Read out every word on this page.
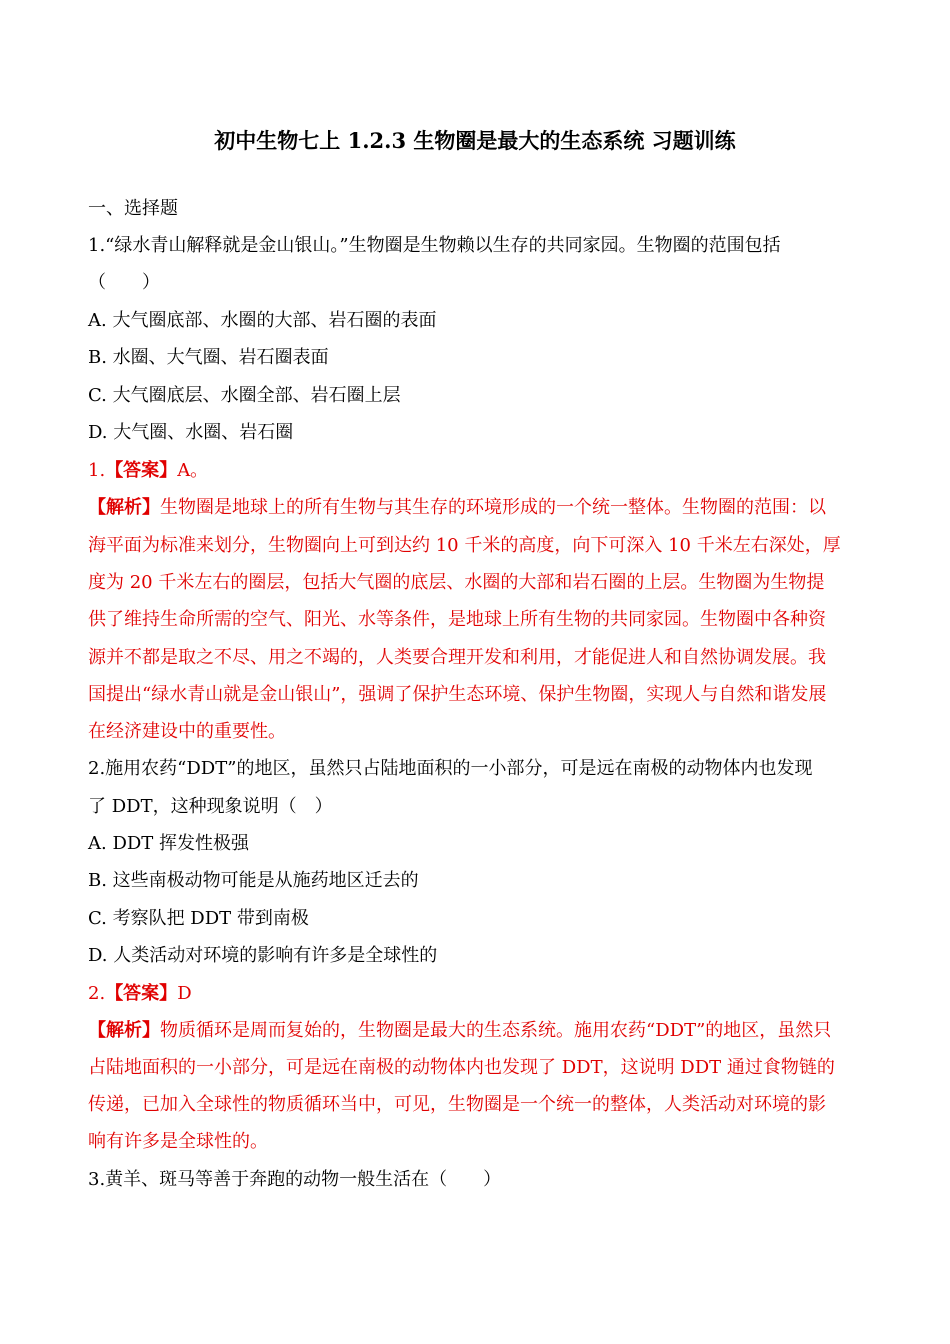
初中生物七上 1.2.3 生物圈是最大的生态系统 习题训练
一、选择题
1.“绿水青山解释就是金山银山。”生物圈是生物赖以生存的共同家园。生物圈的范围包括
（　　）
A. 大气圈底部、水圈的大部、岩石圈的表面
B. 水圈、大气圈、岩石圈表面
C. 大气圈底层、水圈全部、岩石圈上层
D. 大气圈、水圈、岩石圈
1.【答案】A。
【解析】生物圈是地球上的所有生物与其生存的环境形成的一个统一整体。生物圈的范围：以
海平面为标准来划分，生物圈向上可到达约 10 千米的高度，向下可深入 10 千米左右深处，厚
度为 20 千米左右的圈层，包括大气圈的底层、水圈的大部和岩石圈的上层。生物圈为生物提
供了维持生命所需的空气、阳光、水等条件，是地球上所有生物的共同家园。生物圈中各种资
源并不都是取之不尽、用之不竭的，人类要合理开发和利用，才能促进人和自然协调发展。我
国提出“绿水青山就是金山银山”，强调了保护生态环境、保护生物圈，实现人与自然和谐发展
在经济建设中的重要性。
2.施用农药“DDT”的地区，虽然只占陆地面积的一小部分，可是远在南极的动物体内也发现
了 DDT，这种现象说明（　）
A. DDT 挥发性极强
B. 这些南极动物可能是从施药地区迁去的
C. 考察队把 DDT 带到南极
D. 人类活动对环境的影响有许多是全球性的
2.【答案】D
【解析】物质循环是周而复始的，生物圈是最大的生态系统。施用农药“DDT”的地区，虽然只
占陆地面积的一小部分，可是远在南极的动物体内也发现了 DDT，这说明 DDT 通过食物链的
传递，已加入全球性的物质循环当中，可见，生物圈是一个统一的整体，人类活动对环境的影
响有许多是全球性的。
3.黄羊、斑马等善于奔跑的动物一般生活在（　　）
